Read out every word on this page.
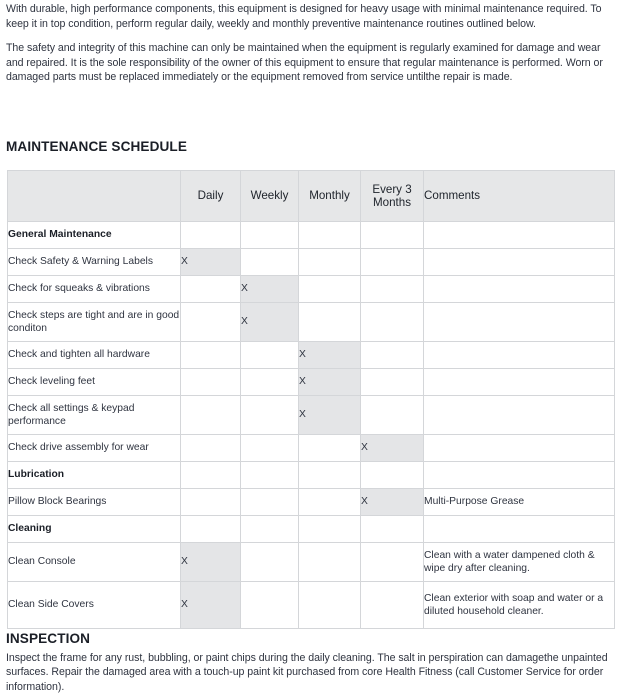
With durable, high performance components, this equipment is designed for heavy usage with minimal maintenance required. To keep it in top condition, perform regular daily, weekly and monthly preventive maintenance routines outlined below.

The safety and integrity of this machine can only be maintained when the equipment is regularly examined for damage and wear and repaired. It is the sole responsibility of the owner of this equipment to ensure that regular maintenance is performed. Worn or damaged parts must be replaced immediately or the equipment removed from service untilthe repair is made.

MAINTENANCE SCHEDULE
	Daily	Weekly	Monthly	Every 3 Months	Comments
General Maintenance					
Check Safety & Warning Labels	X				
Check for squeaks & vibrations		X			
Check steps are tight and are in good conditon		X			
Check and tighten all hardware			X		
Check leveling feet			X		
Check all settings & keypad performance			X		
Check drive assembly for wear				X	
Lubrication					
Pillow Block Bearings				X	Multi-Purpose Grease
Cleaning					
Clean Console	X				Clean with a water dampened cloth & wipe dry after cleaning.
Clean Side Covers	X				Clean exterior with soap and water or a diluted household cleaner.
INSPECTION

Inspect the frame for any rust, bubbling, or paint chips during the daily cleaning. The salt in perspiration can damagethe unpainted surfaces. Repair the damaged area with a touch-up paint kit purchased from core Health Fitness (call Customer Service for order information).
